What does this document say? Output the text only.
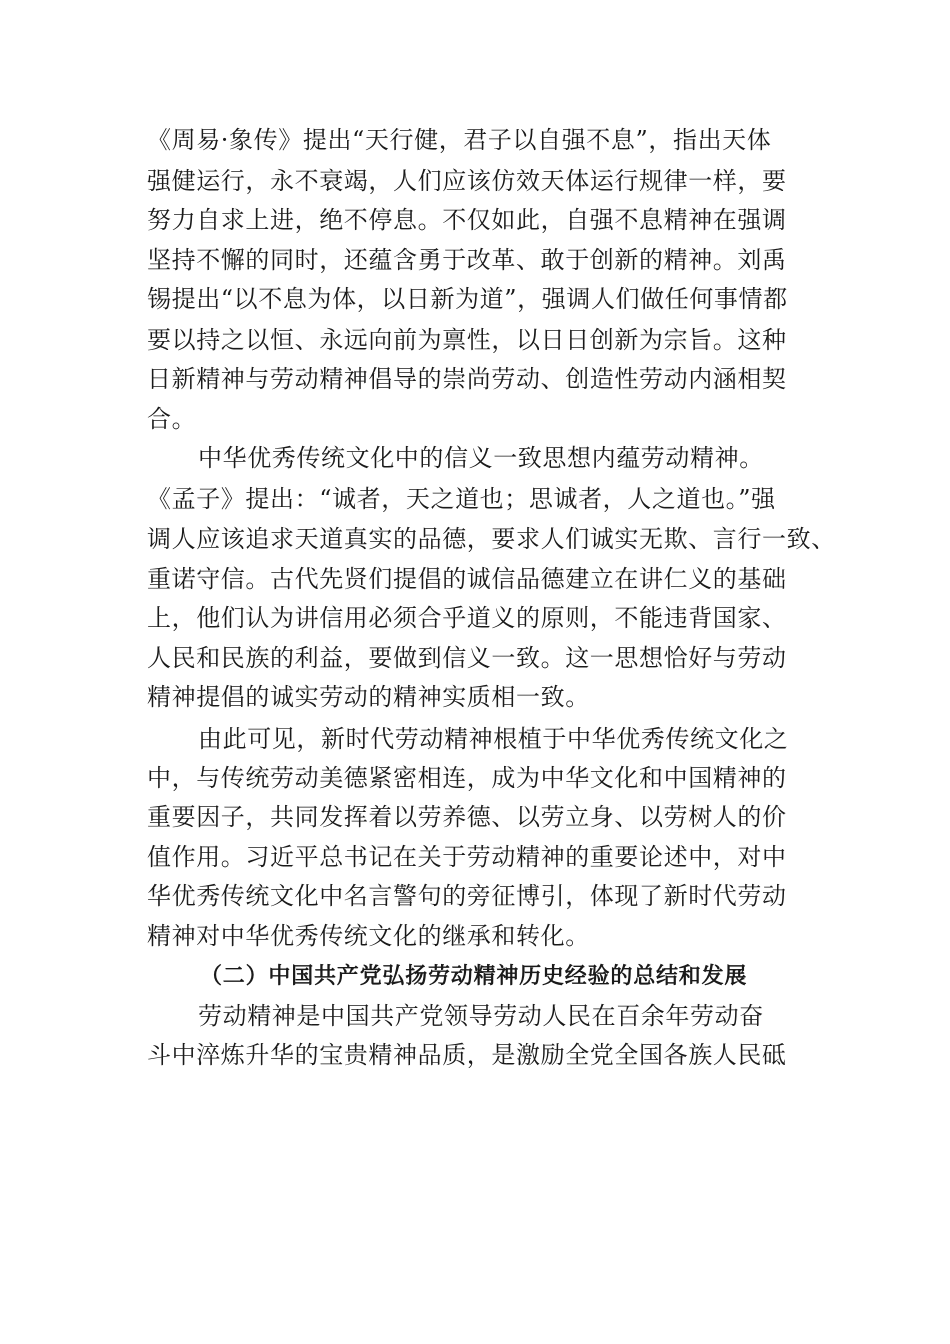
《周易·象传》提出“天行健，君子以自强不息”，指出天体
强健运行，永不衰竭，人们应该仿效天体运行规律一样，要
努力自求上进，绝不停息。不仅如此，自强不息精神在强调
坚持不懈的同时，还蕴含勇于改革、敢于创新的精神。刘禹
锡提出“以不息为体，以日新为道”，强调人们做任何事情都
要以持之以恒、永远向前为禀性，以日日创新为宗旨。这种
日新精神与劳动精神倡导的崇尚劳动、创造性劳动内涵相契
合。
中华优秀传统文化中的信义一致思想内蕴劳动精神。
《孟子》提出：“诚者，天之道也；思诚者，人之道也。”强
调人应该追求天道真实的品德，要求人们诚实无欺、言行一致、
重诺守信。古代先贤们提倡的诚信品德建立在讲仁义的基础
上，他们认为讲信用必须合乎道义的原则，不能违背国家、
人民和民族的利益，要做到信义一致。这一思想恰好与劳动
精神提倡的诚实劳动的精神实质相一致。
由此可见，新时代劳动精神根植于中华优秀传统文化之
中，与传统劳动美德紧密相连，成为中华文化和中国精神的
重要因子，共同发挥着以劳养德、以劳立身、以劳树人的价
值作用。习近平总书记在关于劳动精神的重要论述中，对中
华优秀传统文化中名言警句的旁征博引，体现了新时代劳动
精神对中华优秀传统文化的继承和转化。
（二）中国共产党弘扬劳动精神历史经验的总结和发展
劳动精神是中国共产党领导劳动人民在百余年劳动奋
斗中淬炼升华的宝贵精神品质，是激励全党全国各族人民砥
